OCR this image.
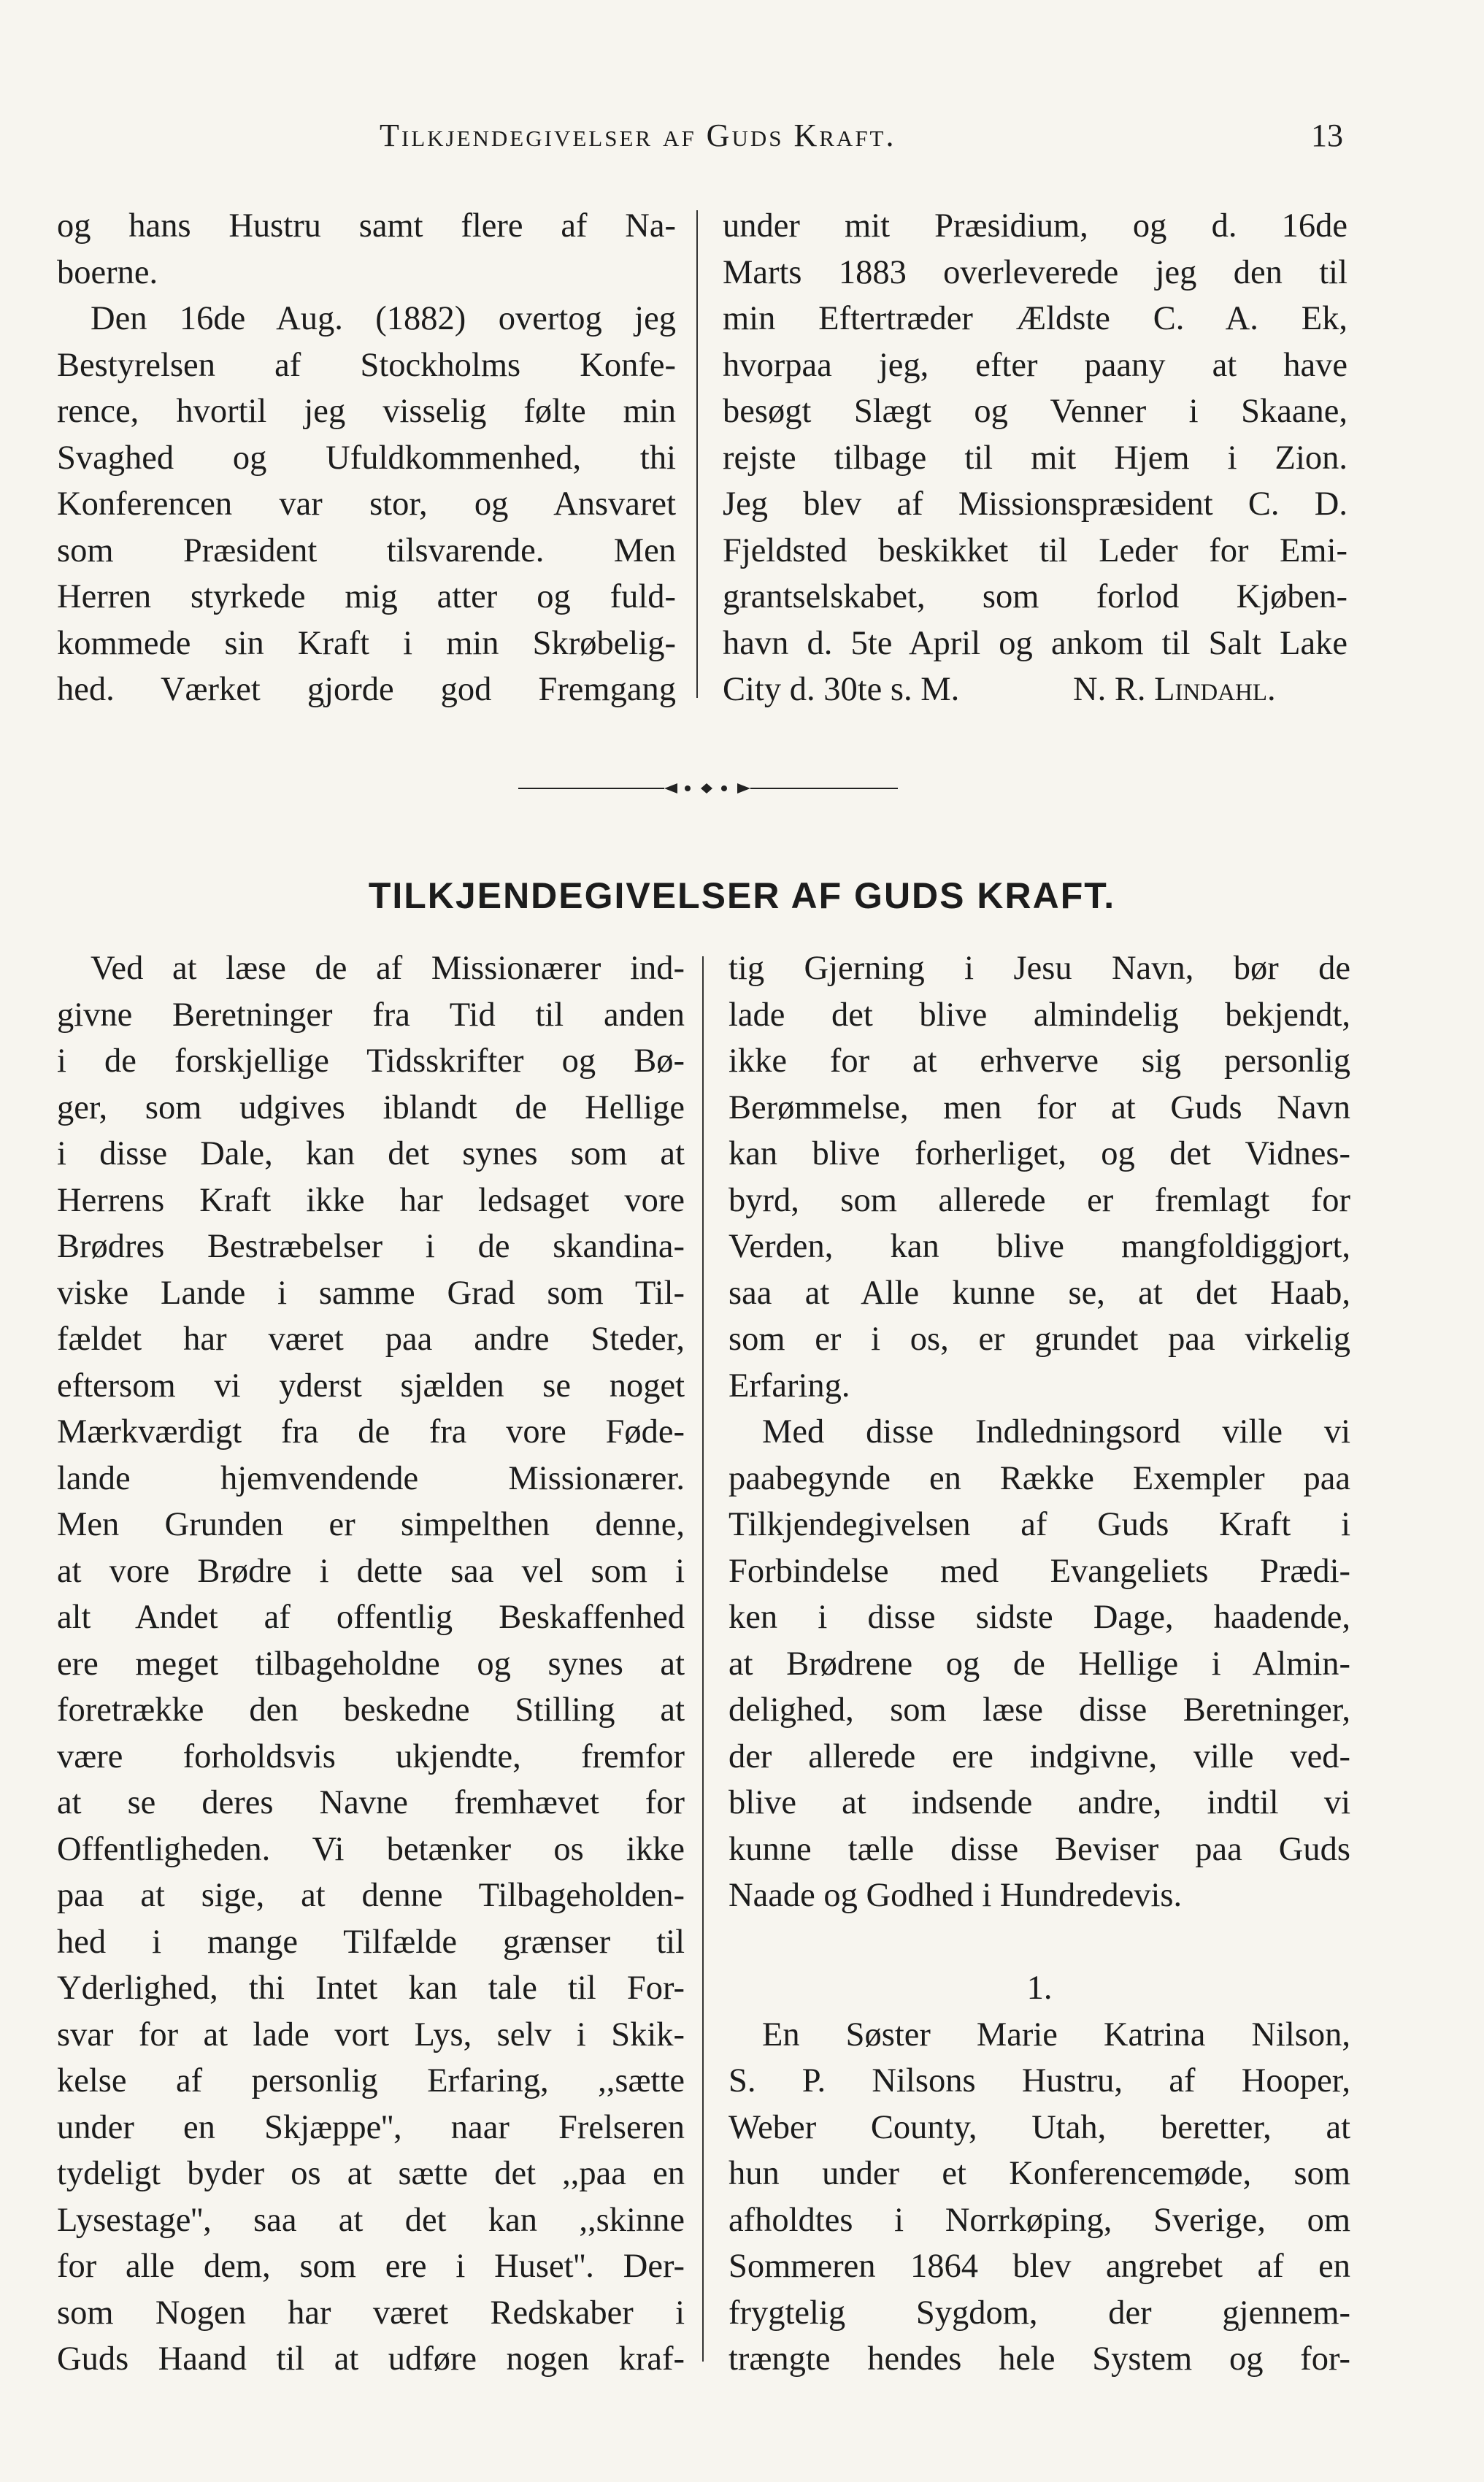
Tilkjendegivelser af Guds Kraft.	13
og hans Hustru samt flere af Na-
boerne.
Den 16de Aug. (1882) overtog jeg
Bestyrelsen af Stockholms Konfe-
rence, hvortil jeg visselig følte min
Svaghed og Ufuldkommenhed, thi
Konferencen var stor, og Ansvaret
som Præsident tilsvarende. Men
Herren styrkede mig atter og fuld-
kommede sin Kraft i min Skrøbelig-
hed. Værket gjorde god Fremgang
under mit Præsidium, og d. 16de
Marts 1883 overleverede jeg den til
min Eftertræder Ældste C. A. Ek,
hvorpaa jeg, efter paany at have
besøgt Slægt og Venner i Skaane,
rejste tilbage til mit Hjem i Zion.
Jeg blev af Missionspræsident C. D.
Fjeldsted beskikket til Leder for Emi-
grantselskabet, som forlod Kjøben-
havn d. 5te April og ankom til Salt Lake
City d. 30te s. M.	N. R. Lindahl.
TILKJENDEGIVELSER AF GUDS KRAFT.
Ved at læse de af Missionærer ind-
givne Beretninger fra Tid til anden
i de forskjellige Tidsskrifter og Bø-
ger, som udgives iblandt de Hellige
i disse Dale, kan det synes som at
Herrens Kraft ikke har ledsaget vore
Brødres Bestræbelser i de skandina-
viske Lande i samme Grad som Til-
fældet har været paa andre Steder,
eftersom vi yderst sjælden se noget
Mærkværdigt fra de fra vore Føde-
lande hjemvendende Missionærer.
Men Grunden er simpelthen denne,
at vore Brødre i dette saa vel som i
alt Andet af offentlig Beskaffenhed
ere meget tilbageholdne og synes at
foretrække den beskedne Stilling at
være forholdsvis ukjendte, fremfor
at se deres Navne fremhævet for
Offentligheden. Vi betænker os ikke
paa at sige, at denne Tilbageholden-
hed i mange Tilfælde grænser til
Yderlighed, thi Intet kan tale til For-
svar for at lade vort Lys, selv i Skik-
kelse af personlig Erfaring, ,,sætte
under en Skjæppe'', naar Frelseren
tydeligt byder os at sætte det ,,paa en
Lysestage'', saa at det kan ,,skinne
for alle dem, som ere i Huset''. Der-
som Nogen har været Redskaber i
Guds Haand til at udføre nogen kraf-
tig Gjerning i Jesu Navn, bør de
lade det blive almindelig bekjendt,
ikke for at erhverve sig personlig
Berømmelse, men for at Guds Navn
kan blive forherliget, og det Vidnes-
byrd, som allerede er fremlagt for
Verden, kan blive mangfoldiggjort,
saa at Alle kunne se, at det Haab,
som er i os, er grundet paa virkelig
Erfaring.
Med disse Indledningsord ville vi
paabegynde en Række Exempler paa
Tilkjendegivelsen af Guds Kraft i
Forbindelse med Evangeliets Prædi-
ken i disse sidste Dage, haadende,
at Brødrene og de Hellige i Almin-
delighed, som læse disse Beretninger,
der allerede ere indgivne, ville ved-
blive at indsende andre, indtil vi
kunne tælle disse Beviser paa Guds
Naade og Godhed i Hundredevis.

1.
En Søster Marie Katrina Nilson,
S. P. Nilsons Hustru, af Hooper,
Weber County, Utah, beretter, at
hun under et Konferencemøde, som
afholdtes i Norrkøping, Sverige, om
Sommeren 1864 blev angrebet af en
frygtelig Sygdom, der gjennem-
trængte hendes hele System og for-
